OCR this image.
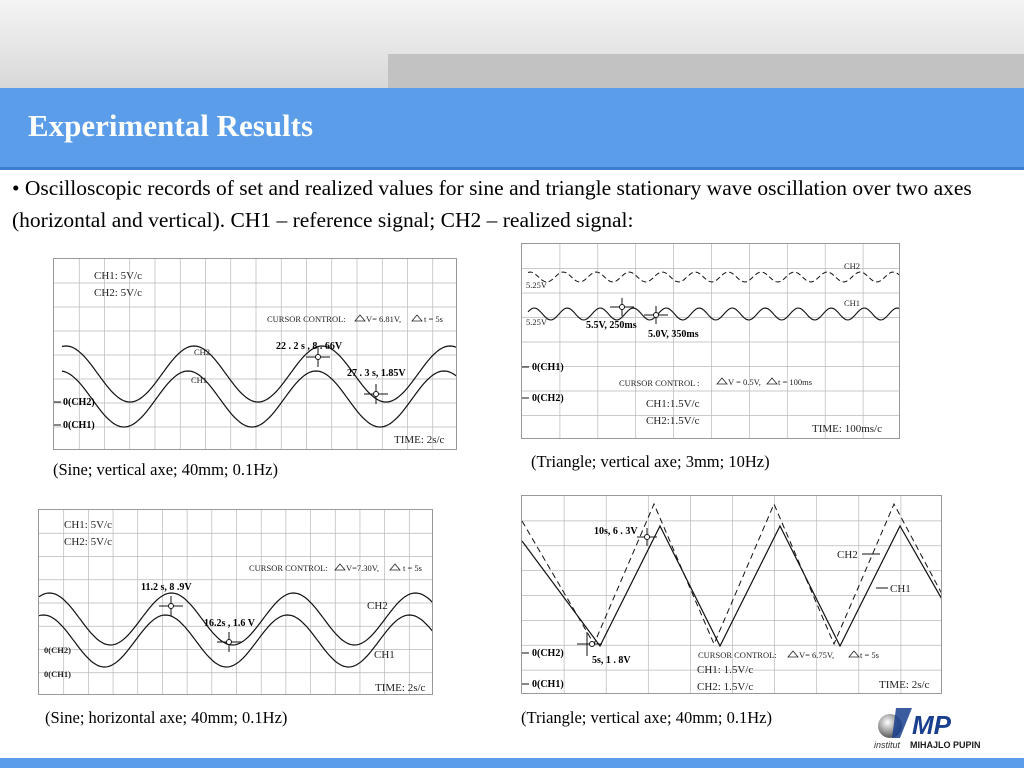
Experimental Results
• Oscilloscopic records of set and realized values for sine and triangle stationary wave oscillation over two axes (horizontal and vertical). CH1 – reference signal; CH2 – realized signal:
CH1: 5V/c
CH2: 5V/c
CURSOR CONTROL: V= 6.81V,	t = 5s
22 . 2 s , 8 . 66V
27 . 3 s, 1.85V
CH2
CH1
0(CH2)
0(CH1)
TIME: 2s/c
(Sine; vertical axe; 40mm; 0.1Hz)
CH2
CH1
5.25V
5.25V	5.5V, 250ms
5.0V, 350ms
0(CH1)
0(CH2)
CURSOR CONTROL :	V = 0.5V, t = 100ms
CH1:1.5V/c
CH2:1.5V/c
TIME: 100ms/c
(Triangle; vertical axe; 3mm; 10Hz)
CH1: 5V/c
CH2: 5V/c
CURSOR CONTROL: V=7.30V,	t = 5s
11.2 s, 8 .9V
16.2s , 1.6 V
CH2
CH1
0(CH2)
0(CH1)
TIME: 2s/c
(Sine; horizontal axe; 40mm; 0.1Hz)
10s, 6 . 3V
CH2
CH1
0(CH2)
0(CH1)
5s, 1 . 8V	CURSOR CONTROL:	V= 6.75V,	t = 5s
CH1: 1.5V/c
CH2: 1.5V/c	TIME: 2s/c
(Triangle; vertical axe; 40mm; 0.1Hz)	MP
institut MIHAJLO PUPIN
